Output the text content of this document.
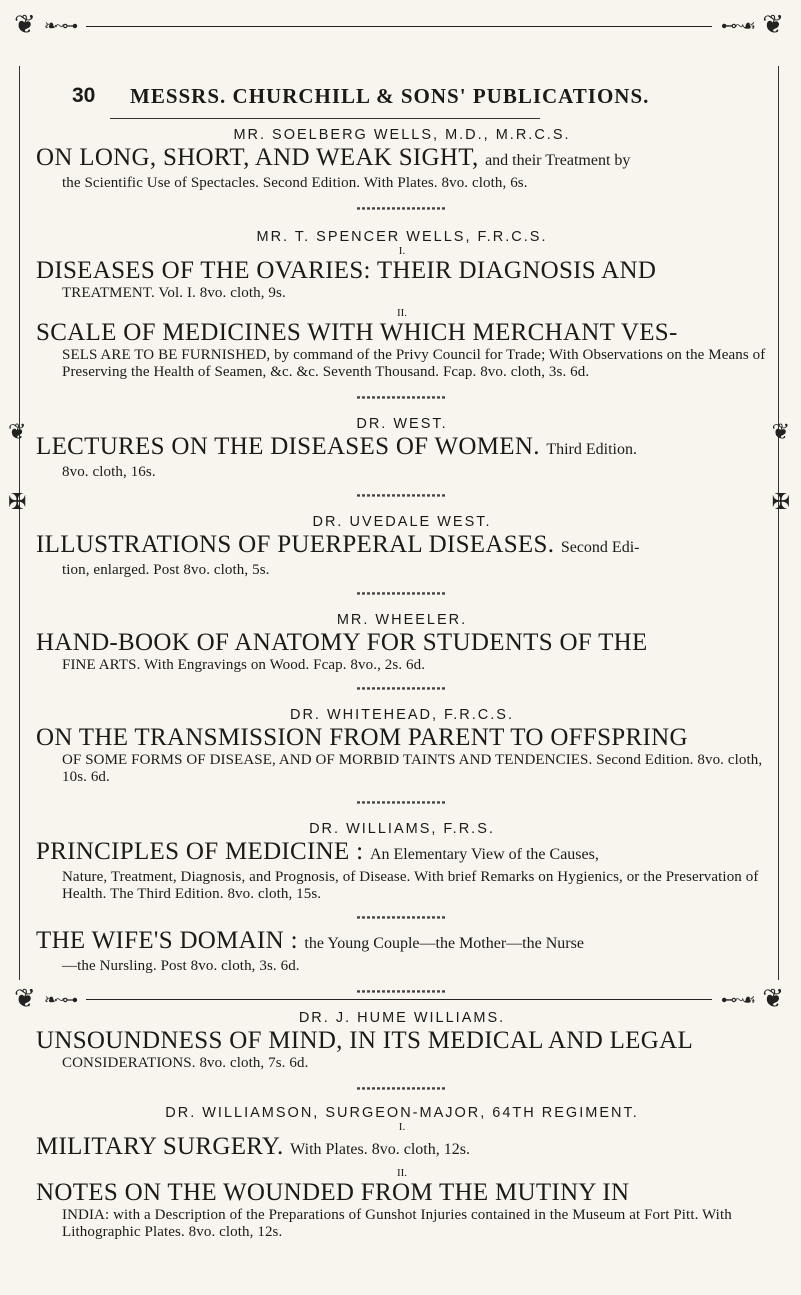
❦	❦
❦	❦
❧~⊶	⊷~☙
❧~⊶	⊷~☙
❦	❦
✠	✠
30 MESSRS. CHURCHILL & SONS' PUBLICATIONS.

MR. SOELBERG WELLS, M.D., M.R.C.S.

ON LONG, SHORT, AND WEAK SIGHT, and their Treatment by
the Scientific Use of Spectacles. Second Edition. With Plates. 8vo. cloth, 6s.

MR. T. SPENCER WELLS, F.R.C.S.

I.

DISEASES OF THE OVARIES: THEIR DIAGNOSIS AND
TREATMENT. Vol. I. 8vo. cloth, 9s.

II.

SCALE OF MEDICINES WITH WHICH MERCHANT VES-
SELS ARE TO BE FURNISHED, by command of the Privy Council for Trade; With Observations on the Means of Preserving the Health of Seamen, &c. &c. Seventh Thousand. Fcap. 8vo. cloth, 3s. 6d.

DR. WEST.

LECTURES ON THE DISEASES OF WOMEN. Third Edition.
8vo. cloth, 16s.

DR. UVEDALE WEST.

ILLUSTRATIONS OF PUERPERAL DISEASES. Second Edi-
tion, enlarged. Post 8vo. cloth, 5s.

MR. WHEELER.

HAND-BOOK OF ANATOMY FOR STUDENTS OF THE
FINE ARTS. With Engravings on Wood. Fcap. 8vo., 2s. 6d.

DR. WHITEHEAD, F.R.C.S.

ON THE TRANSMISSION FROM PARENT TO OFFSPRING
OF SOME FORMS OF DISEASE, AND OF MORBID TAINTS AND TENDENCIES. Second Edition. 8vo. cloth, 10s. 6d.

DR. WILLIAMS, F.R.S.

PRINCIPLES OF MEDICINE : An Elementary View of the Causes,
Nature, Treatment, Diagnosis, and Prognosis, of Disease. With brief Remarks on Hygienics, or the Preservation of Health. The Third Edition. 8vo. cloth, 15s.
THE WIFE'S DOMAIN : the Young Couple—the Mother—the Nurse
—the Nursling. Post 8vo. cloth, 3s. 6d.

DR. J. HUME WILLIAMS.

UNSOUNDNESS OF MIND, IN ITS MEDICAL AND LEGAL
CONSIDERATIONS. 8vo. cloth, 7s. 6d.

DR. WILLIAMSON, SURGEON-MAJOR, 64TH REGIMENT.

I.

MILITARY SURGERY. With Plates. 8vo. cloth, 12s.

II.

NOTES ON THE WOUNDED FROM THE MUTINY IN
INDIA: with a Description of the Preparations of Gunshot Injuries contained in the Museum at Fort Pitt. With Lithographic Plates. 8vo. cloth, 12s.
